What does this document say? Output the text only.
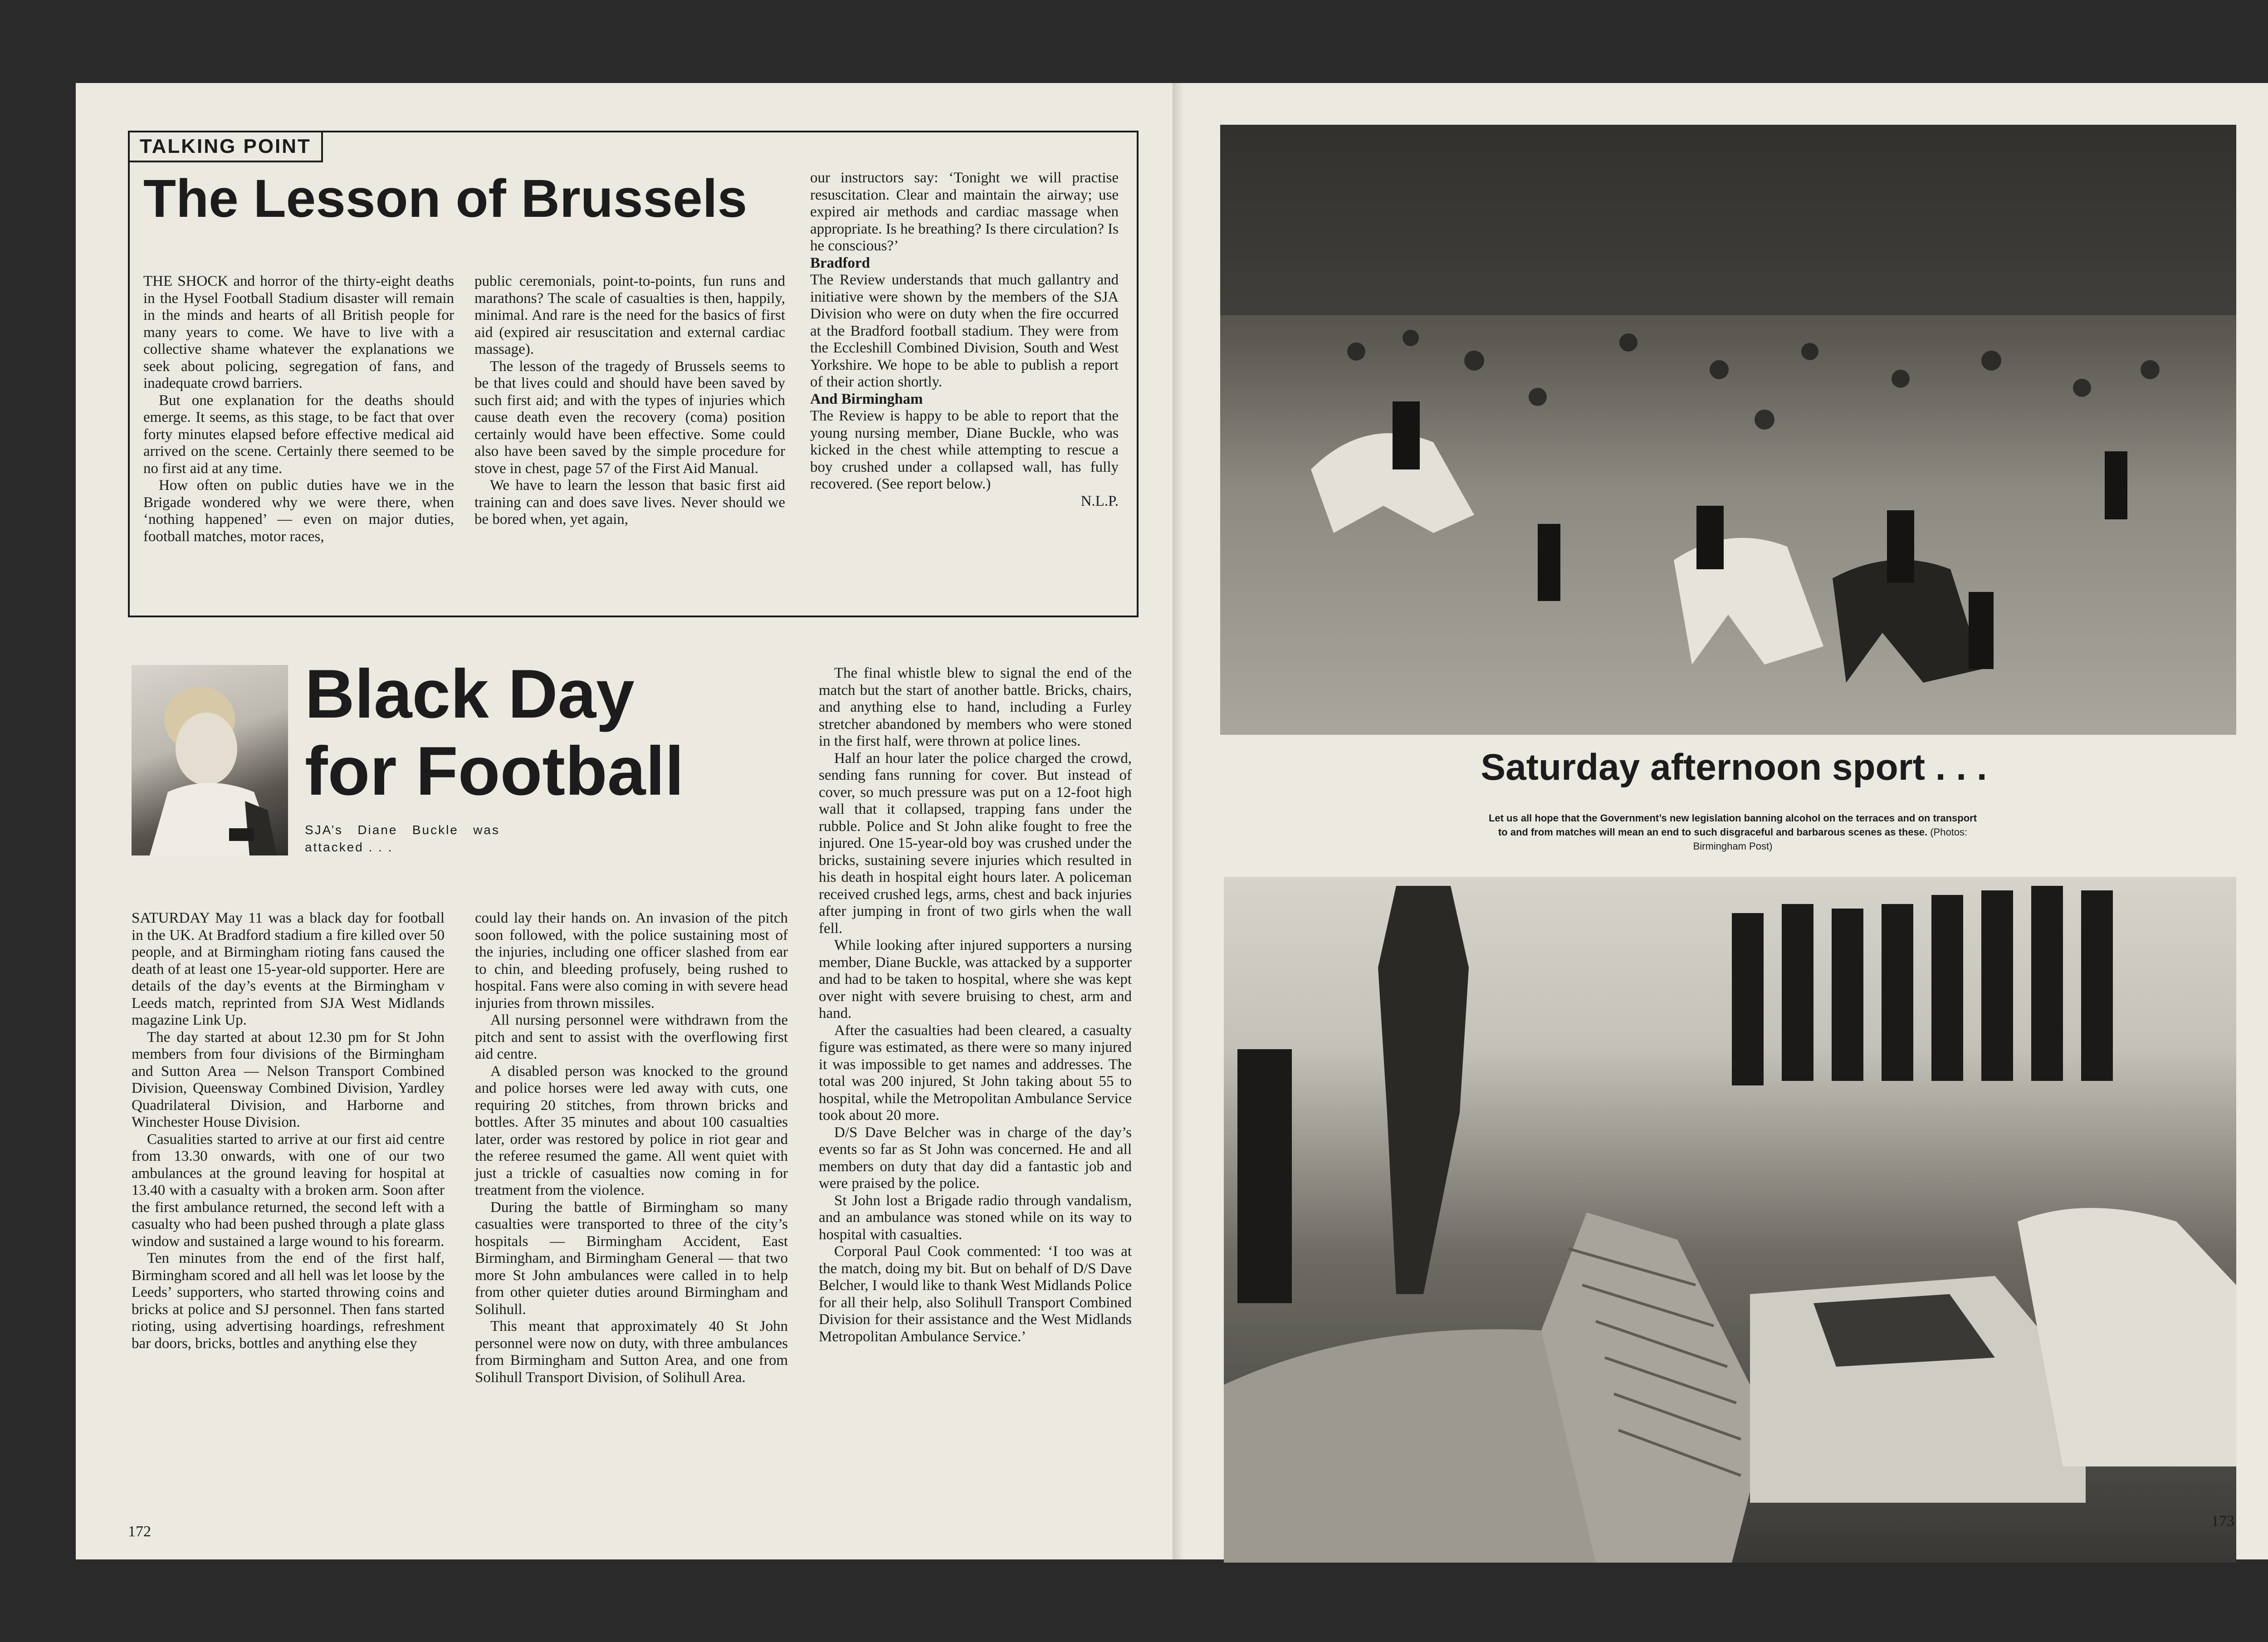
TALKING POINT
The Lesson of Brussels

THE SHOCK and horror of the thirty-eight deaths in the Hysel Football Stadium disaster will remain in the minds and hearts of all British people for many years to come. We have to live with a collective shame whatever the explanations we seek about policing, segregation of fans, and inadequate crowd barriers.

But one explanation for the deaths should emerge. It seems, as this stage, to be fact that over forty minutes elapsed before effective medical aid arrived on the scene. Certainly there seemed to be no first aid at any time.

How often on public duties have we in the Brigade wondered why we were there, when ‘nothing happened’ — even on major duties, football matches, motor races,

public ceremonials, point-to-points, fun runs and marathons? The scale of casualties is then, happily, minimal. And rare is the need for the basics of first aid (expired air resuscitation and external cardiac massage).

The lesson of the tragedy of Brussels seems to be that lives could and should have been saved by such first aid; and with the types of injuries which cause death even the recovery (coma) position certainly would have been effective. Some could also have been saved by the simple procedure for stove in chest, page 57 of the First Aid Manual.

We have to learn the lesson that basic first aid training can and does save lives. Never should we be bored when, yet again,

our instructors say: ‘Tonight we will practise resuscitation. Clear and maintain the airway; use expired air methods and cardiac massage when appropriate. Is he breathing? Is there circulation? Is he conscious?’

Bradford

The Review understands that much gallantry and initiative were shown by the members of the SJA Division who were on duty when the fire occurred at the Bradford football stadium. They were from the Eccleshill Combined Division, South and West Yorkshire. We hope to be able to publish a report of their action shortly.

And Birmingham

The Review is happy to be able to report that the young nursing member, Diane Buckle, who was kicked in the chest while attempting to rescue a boy crushed under a collapsed wall, has fully recovered. (See report below.)

N.L.P.

Black Day
for Football
SJA’s Diane Buckle was attacked . . .

SATURDAY May 11 was a black day for football in the UK. At Bradford stadium a fire killed over 50 people, and at Birmingham rioting fans caused the death of at least one 15-year-old supporter. Here are details of the day’s events at the Birmingham v Leeds match, reprinted from SJA West Midlands magazine Link Up.

The day started at about 12.30 pm for St John members from four divisions of the Birmingham and Sutton Area — Nelson Transport Combined Division, Queensway Combined Division, Yardley Quadrilateral Division, and Harborne and Winchester House Division.

Casualities started to arrive at our first aid centre from 13.30 onwards, with one of our two ambulances at the ground leaving for hospital at 13.40 with a casualty with a broken arm. Soon after the first ambulance returned, the second left with a casualty who had been pushed through a plate glass window and sustained a large wound to his forearm.

Ten minutes from the end of the first half, Birmingham scored and all hell was let loose by the Leeds’ supporters, who started throwing coins and bricks at police and SJ personnel. Then fans started rioting, using advertising hoardings, refreshment bar doors, bricks, bottles and anything else they

could lay their hands on. An invasion of the pitch soon followed, with the police sustaining most of the injuries, including one officer slashed from ear to chin, and bleeding profusely, being rushed to hospital. Fans were also coming in with severe head injuries from thrown missiles.

All nursing personnel were withdrawn from the pitch and sent to assist with the overflowing first aid centre.

A disabled person was knocked to the ground and police horses were led away with cuts, one requiring 20 stitches, from thrown bricks and bottles. After 35 minutes and about 100 casualties later, order was restored by police in riot gear and the referee resumed the game. All went quiet with just a trickle of casualties now coming in for treatment from the violence.

During the battle of Birmingham so many casualties were transported to three of the city’s hospitals — Birmingham Accident, East Birmingham, and Birmingham General — that two more St John ambulances were called in to help from other quieter duties around Birmingham and Solihull.

This meant that approximately 40 St John personnel were now on duty, with three ambulances from Birmingham and Sutton Area, and one from Solihull Transport Division, of Solihull Area.

The final whistle blew to signal the end of the match but the start of another battle. Bricks, chairs, and anything else to hand, including a Furley stretcher abandoned by members who were stoned in the first half, were thrown at police lines.

Half an hour later the police charged the crowd, sending fans running for cover. But instead of cover, so much pressure was put on a 12-foot high wall that it collapsed, trapping fans under the rubble. Police and St John alike fought to free the injured. One 15-year-old boy was crushed under the bricks, sustaining severe injuries which resulted in his death in hospital eight hours later. A policeman received crushed legs, arms, chest and back injuries after jumping in front of two girls when the wall fell.

While looking after injured supporters a nursing member, Diane Buckle, was attacked by a supporter and had to be taken to hospital, where she was kept over night with severe bruising to chest, arm and hand.

After the casualties had been cleared, a casualty figure was estimated, as there were so many injured it was impossible to get names and addresses. The total was 200 injured, St John taking about 55 to hospital, while the Metropolitan Ambulance Service took about 20 more.

D/S Dave Belcher was in charge of the day’s events so far as St John was concerned. He and all members on duty that day did a fantastic job and were praised by the police.

St John lost a Brigade radio through vandalism, and an ambulance was stoned while on its way to hospital with casualties.

Corporal Paul Cook commented: ‘I too was at the match, doing my bit. But on behalf of D/S Dave Belcher, I would like to thank West Midlands Police for all their help, also Solihull Transport Combined Division for their assistance and the West Midlands Metropolitan Ambulance Service.’

172
Saturday afternoon sport . . .
Let us all hope that the Government’s new legislation banning alcohol on the terraces and on transport to and from matches will mean an end to such disgraceful and barbarous scenes as these. (Photos: Birmingham Post)
173
